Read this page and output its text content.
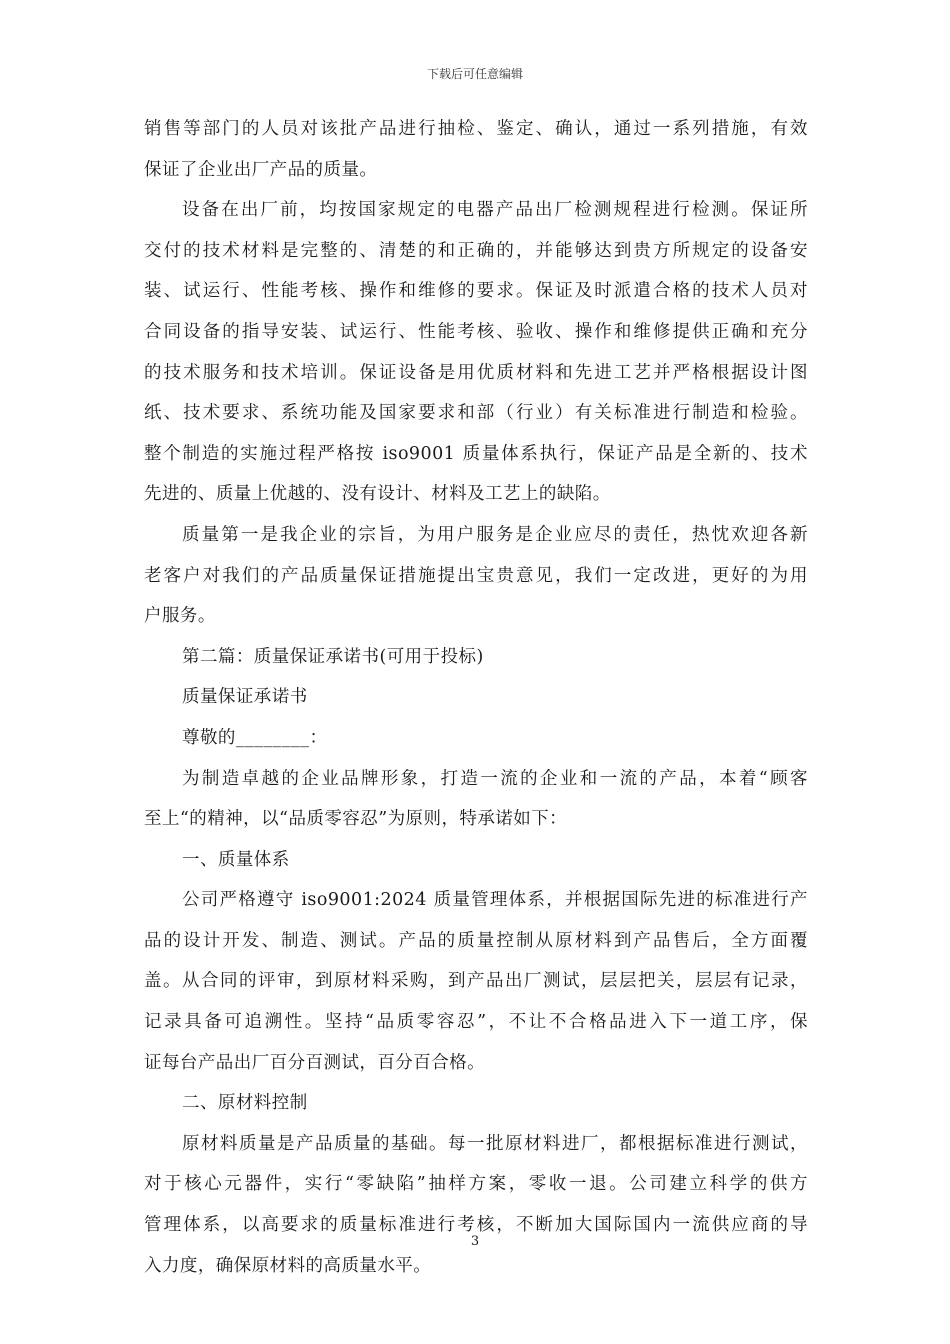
下载后可任意编辑
销售等部门的人员对该批产品进行抽检、鉴定、确认，通过一系列措施，有效
保证了企业出厂产品的质量。
设备在出厂前，均按国家规定的电器产品出厂检测规程进行检测。保证所
交付的技术材料是完整的、清楚的和正确的，并能够达到贵方所规定的设备安
装、试运行、性能考核、操作和维修的要求。保证及时派遣合格的技术人员对
合同设备的指导安装、试运行、性能考核、验收、操作和维修提供正确和充分
的技术服务和技术培训。保证设备是用优质材料和先进工艺并严格根据设计图
纸、技术要求、系统功能及国家要求和部（行业）有关标准进行制造和检验。
整个制造的实施过程严格按 iso9001 质量体系执行，保证产品是全新的、技术
先进的、质量上优越的、没有设计、材料及工艺上的缺陷。
质量第一是我企业的宗旨，为用户服务是企业应尽的责任，热忱欢迎各新
老客户对我们的产品质量保证措施提出宝贵意见，我们一定改进，更好的为用
户服务。
第二篇：质量保证承诺书(可用于投标)
质量保证承诺书
尊敬的________：
为制造卓越的企业品牌形象，打造一流的企业和一流的产品，本着“顾客
至上“的精神，以“品质零容忍”为原则，特承诺如下：
一、质量体系
公司严格遵守 iso9001:2024 质量管理体系，并根据国际先进的标准进行产
品的设计开发、制造、测试。产品的质量控制从原材料到产品售后，全方面覆
盖。从合同的评审，到原材料采购，到产品出厂测试，层层把关，层层有记录，
记录具备可追溯性。坚持“品质零容忍”，不让不合格品进入下一道工序，保
证每台产品出厂百分百测试，百分百合格。
二、原材料控制
原材料质量是产品质量的基础。每一批原材料进厂，都根据标准进行测试，
对于核心元器件，实行“零缺陷”抽样方案，零收一退。公司建立科学的供方
管理体系，以高要求的质量标准进行考核，不断加大国际国内一流供应商的导
入力度，确保原材料的高质量水平。
3
